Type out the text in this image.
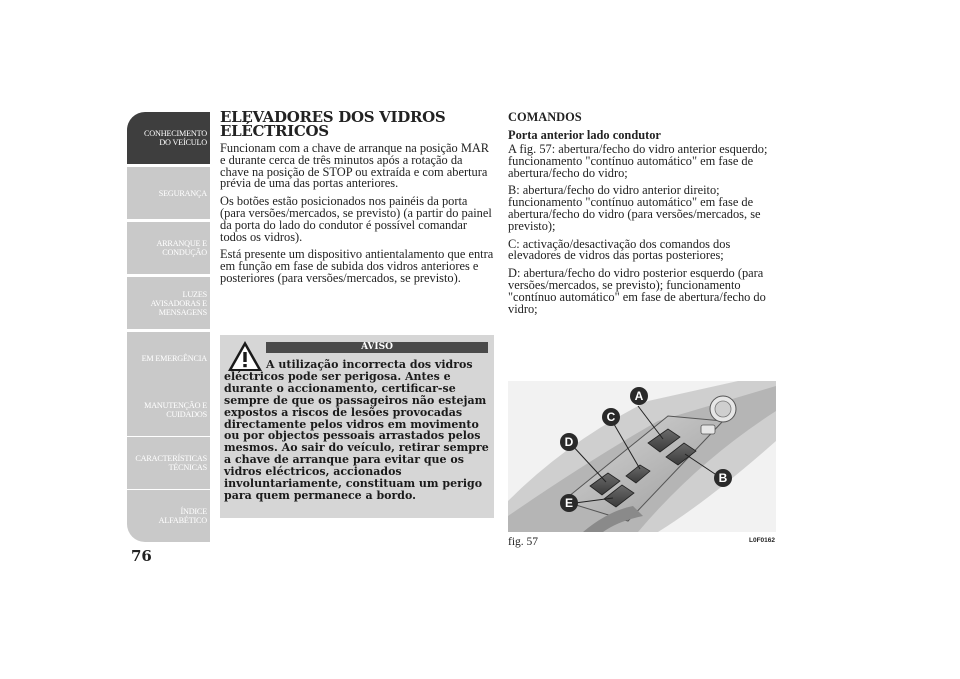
CONHECIMENTO
DO VEÍCULO
SEGURANÇA
ARRANQUE E
CONDUÇÃO
LUZES
AVISADORAS E
MENSAGENS
EM EMERGÊNCIA
MANUTENÇÃO E
CUIDADOS
CARACTERÍSTICAS
TÉCNICAS
ÍNDICE
ALFABÉTICO
76
ELEVADORES DOS VIDROS ELÉCTRICOS

Funcionam com a chave de arranque na posição MAR e durante cerca de três minutos após a rotação da chave na posição de STOP ou extraída e com abertura prévia de uma das portas anteriores.

Os botões estão posicionados nos painéis da porta (para versões/mercados, se previsto) (a partir do painel da porta do lado do condutor é possível comandar todos os vidros).

Está presente um dispositivo antientalamento que entra em função em fase de subida dos vidros anteriores e posteriores (para versões/mercados, se previsto).

AVISO
A utilização incorrecta dos vidros eléctricos pode ser perigosa. Antes e durante o accionamento, certificar-se sempre de que os passageiros não estejam expostos a riscos de lesões provocadas directamente pelos vidros em movimento ou por objectos pessoais arrastados pelos mesmos. Ao sair do veículo, retirar sempre a chave de arranque para evitar que os vidros eléctricos, accionados involuntariamente, constituam um perigo para quem permanece a bordo.
COMANDOS
Porta anterior lado condutor

A fig. 57: abertura/fecho do vidro anterior esquerdo; funcionamento "contínuo automático" em fase de abertura/fecho do vidro;

B: abertura/fecho do vidro anterior direito; funcionamento "contínuo automático" em fase de abertura/fecho do vidro (para versões/mercados, se previsto);

C: activação/desactivação dos comandos dos elevadores de vidros das portas posteriores;

D: abertura/fecho do vidro posterior esquerdo (para versões/mercados, se previsto); funcionamento "contínuo automático" em fase de abertura/fecho do vidro;

A
C
D
E
B
fig. 57	L0F0162
